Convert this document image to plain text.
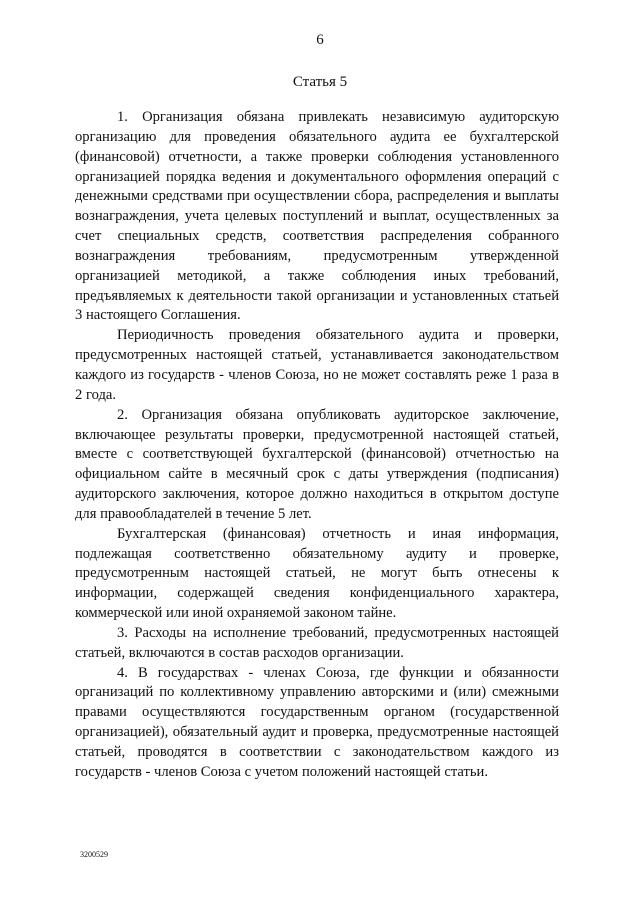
6
Статья 5

1. Организация обязана привлекать независимую аудиторскую организацию для проведения обязательного аудита ее бухгалтерской (финансовой) отчетности, а также проверки соблюдения установленного организацией порядка ведения и документального оформления операций с денежными средствами при осуществлении сбора, распределения и выплаты вознаграждения, учета целевых поступлений и выплат, осуществленных за счет специальных средств, соответствия распределения собранного вознаграждения требованиям, предусмотренным утвержденной организацией методикой, а также соблюдения иных требований, предъявляемых к деятельности такой организации и установленных статьей 3 настоящего Соглашения.

Периодичность проведения обязательного аудита и проверки, предусмотренных настоящей статьей, устанавливается законодательством каждого из государств - членов Союза, но не может составлять реже 1 раза в 2 года.

2. Организация обязана опубликовать аудиторское заключение, включающее результаты проверки, предусмотренной настоящей статьей, вместе с соответствующей бухгалтерской (финансовой) отчетностью на официальном сайте в месячный срок с даты утверждения (подписания) аудиторского заключения, которое должно находиться в открытом доступе для правообладателей в течение 5 лет.

Бухгалтерская (финансовая) отчетность и иная информация, подлежащая соответственно обязательному аудиту и проверке, предусмотренным настоящей статьей, не могут быть отнесены к информации, содержащей сведения конфиденциального характера, коммерческой или иной охраняемой законом тайне.

3. Расходы на исполнение требований, предусмотренных настоящей статьей, включаются в состав расходов организации.

4. В государствах - членах Союза, где функции и обязанности организаций по коллективному управлению авторскими и (или) смежными правами осуществляются государственным органом (государственной организацией), обязательный аудит и проверка, предусмотренные настоящей статьей, проводятся в соответствии с законодательством каждого из государств - членов Союза с учетом положений настоящей статьи.

3200529
